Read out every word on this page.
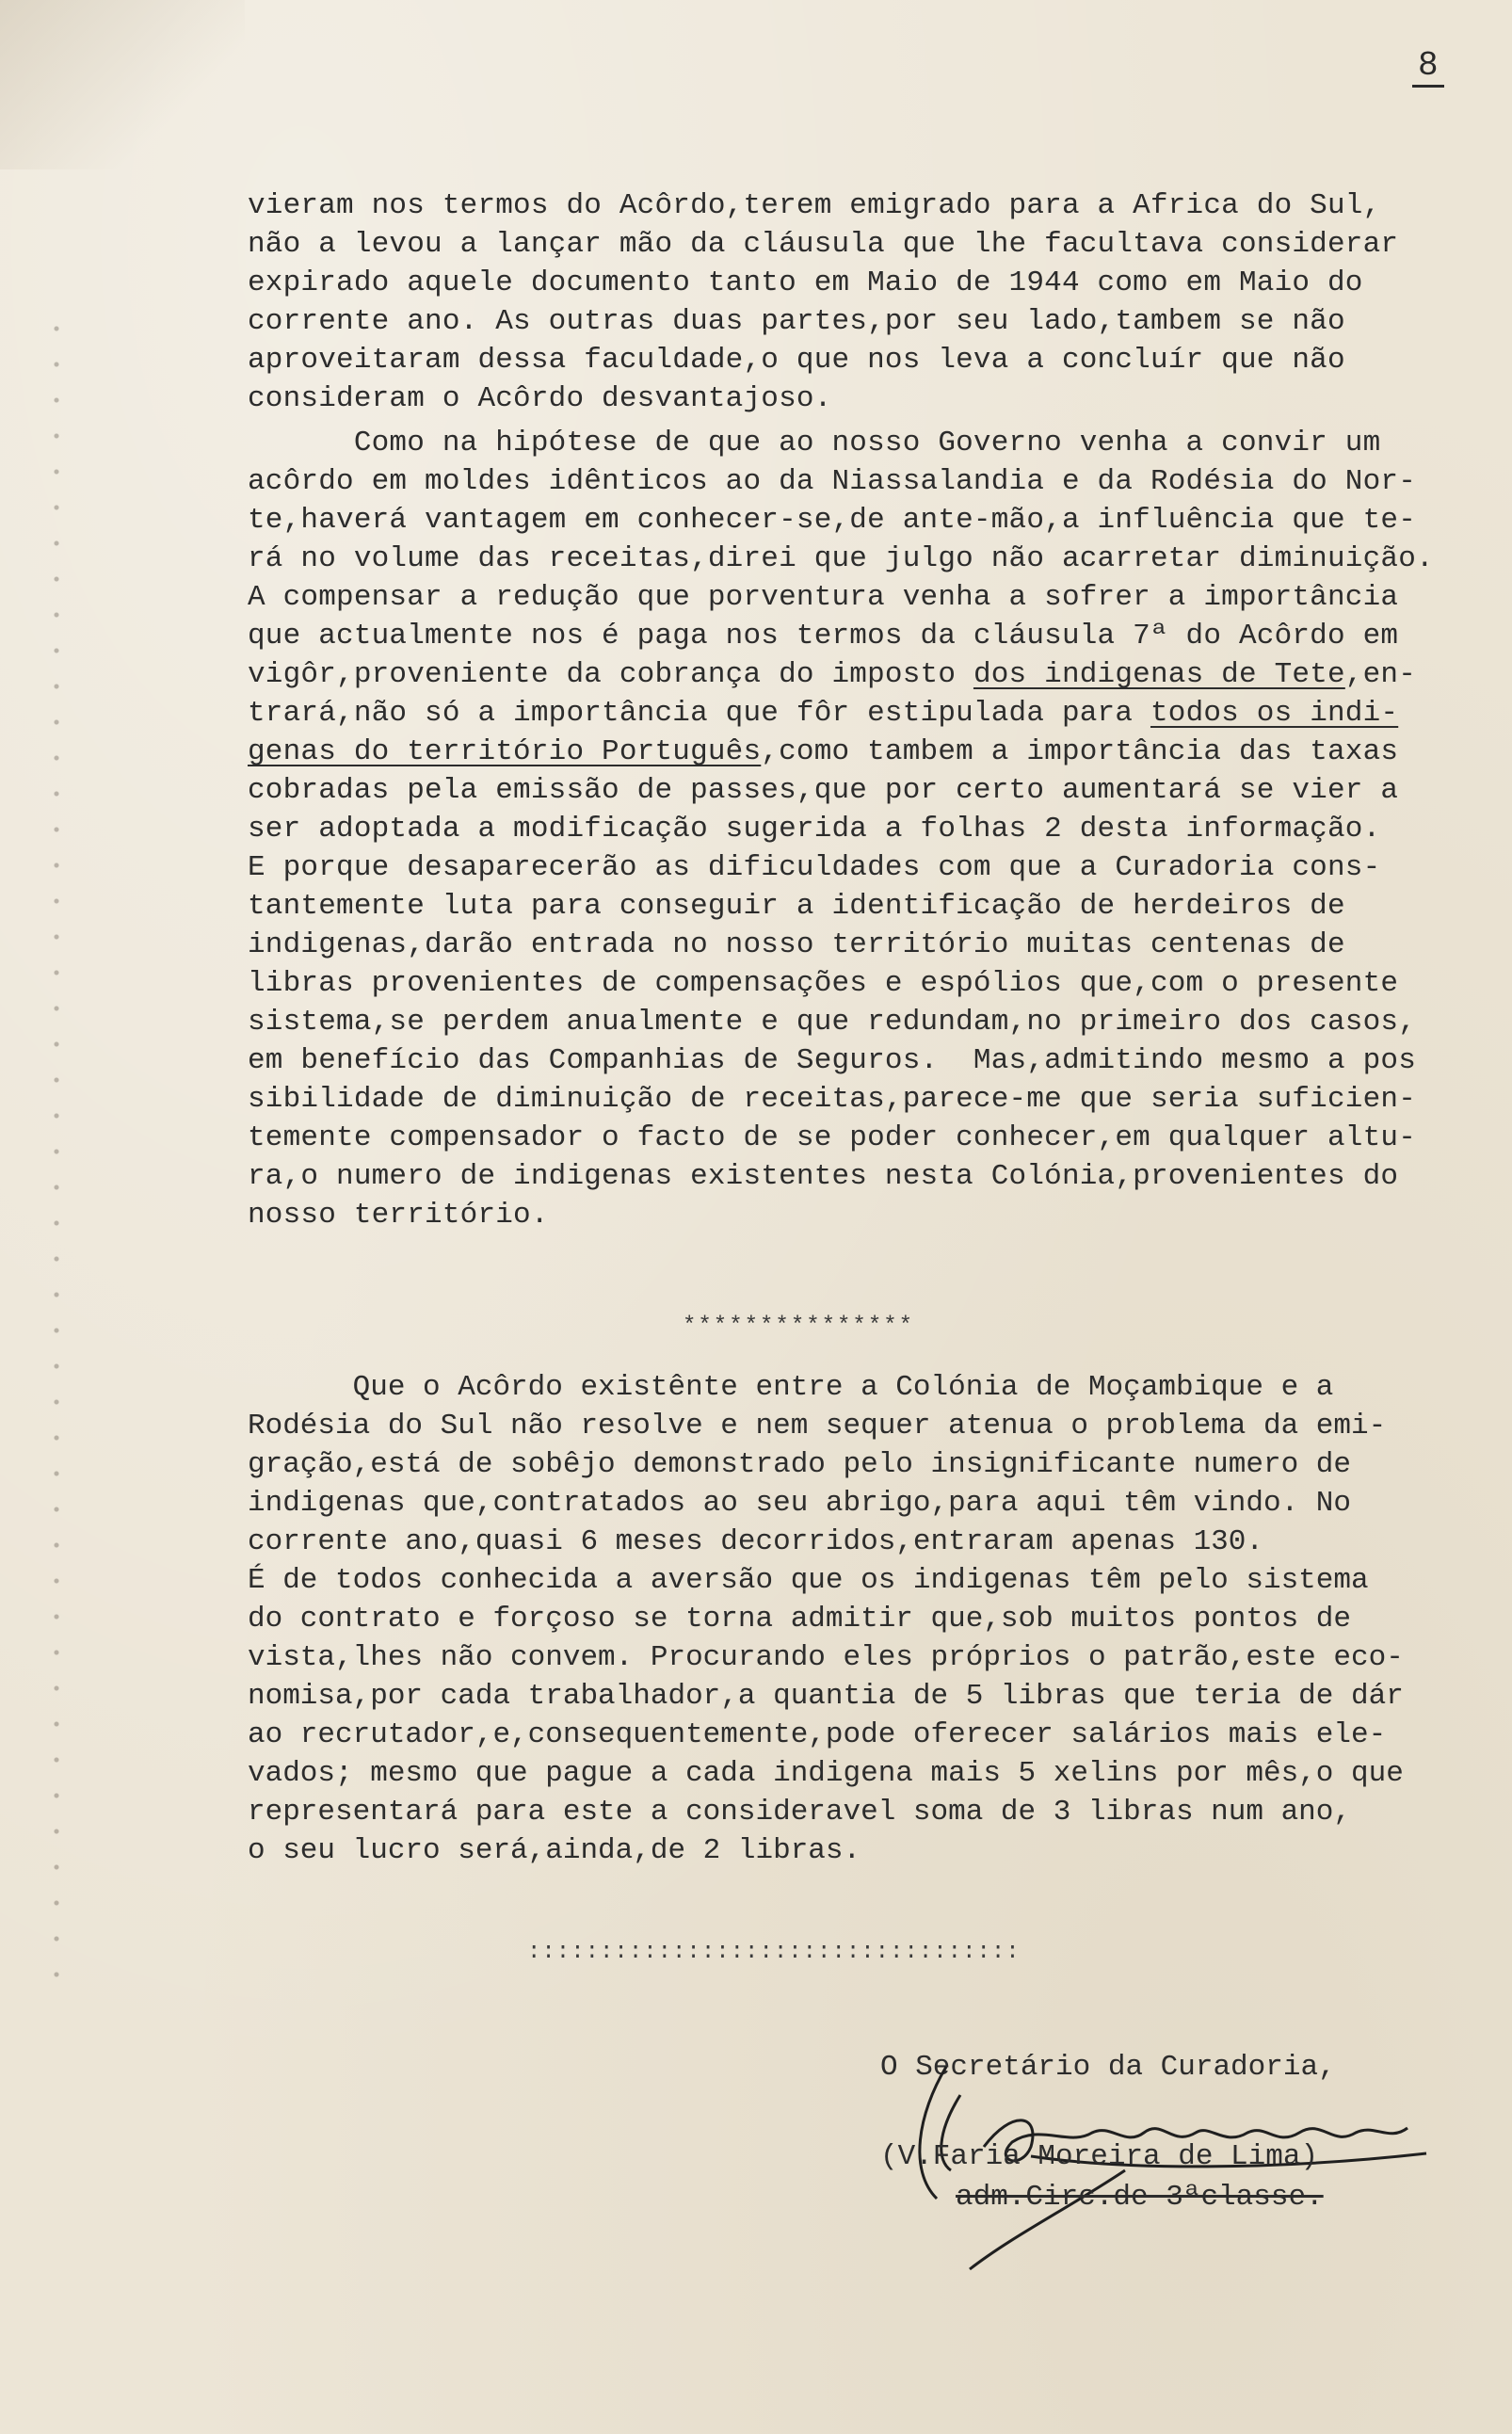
8
vieram nos termos do Acôrdo,terem emigrado para a Africa do Sul,
não a levou a lançar mão da cláusula que lhe facultava considerar
expirado aquele documento tanto em Maio de 1944 como em Maio do
corrente ano. As outras duas partes,por seu lado,tambem se não
aproveitaram dessa faculdade,o que nos leva a concluír que não
consideram o Acôrdo desvantajoso.
Como na hipótese de que ao nosso Governo venha a convir um
acôrdo em moldes idênticos ao da Niassalandia e da Rodésia do Nor-
te,haverá vantagem em conhecer-se,de ante-mão,a influência que te-
rá no volume das receitas,direi que julgo não acarretar diminuição.
A compensar a redução que porventura venha a sofrer a importância
que actualmente nos é paga nos termos da cláusula 7ª do Acôrdo em
vigôr,proveniente da cobrança do imposto dos indigenas de Tete,en-
trará,não só a importância que fôr estipulada para todos os indi-
genas do território Português,como tambem a importância das taxas
cobradas pela emissão de passes,que por certo aumentará se vier a
ser adoptada a modificação sugerida a folhas 2 desta informação.
E porque desaparecerão as dificuldades com que a Curadoria cons-
tantemente luta para conseguir a identificação de herdeiros de
indigenas,darão entrada no nosso território muitas centenas de
libras provenientes de compensações e espólios que,com o presente
sistema,se perdem anualmente e que redundam,no primeiro dos casos,
em benefício das Companhias de Seguros.  Mas,admitindo mesmo a pos
sibilidade de diminuição de receitas,parece-me que seria suficien-
temente compensador o facto de se poder conhecer,em qualquer altu-
ra,o numero de indigenas existentes nesta Colónia,provenientes do
nosso território.
***************
Que o Acôrdo existênte entre a Colónia de Moçambique e a
Rodésia do Sul não resolve e nem sequer atenua o problema da emi-
gração,está de sobêjo demonstrado pelo insignificante numero de
indigenas que,contratados ao seu abrigo,para aqui têm vindo. No
corrente ano,quasi 6 meses decorridos,entraram apenas 130.
É de todos conhecida a aversão que os indigenas têm pelo sistema
do contrato e forçoso se torna admitir que,sob muitos pontos de
vista,lhes não convem. Procurando eles próprios o patrão,este eco-
nomisa,por cada trabalhador,a quantia de 5 libras que teria de dár
ao recrutador,e,consequentemente,pode oferecer salários mais ele-
vados; mesmo que pague a cada indigena mais 5 xelins por mês,o que
representará para este a consideravel soma de 3 libras num ano,
o seu lucro será,ainda,de 2 libras.
::::::::::::::::::::::::::::::::::
O Secretário da Curadoria,
(V.Faria Moreira de Lima)
adm.Circ.de 3ªclasse.
